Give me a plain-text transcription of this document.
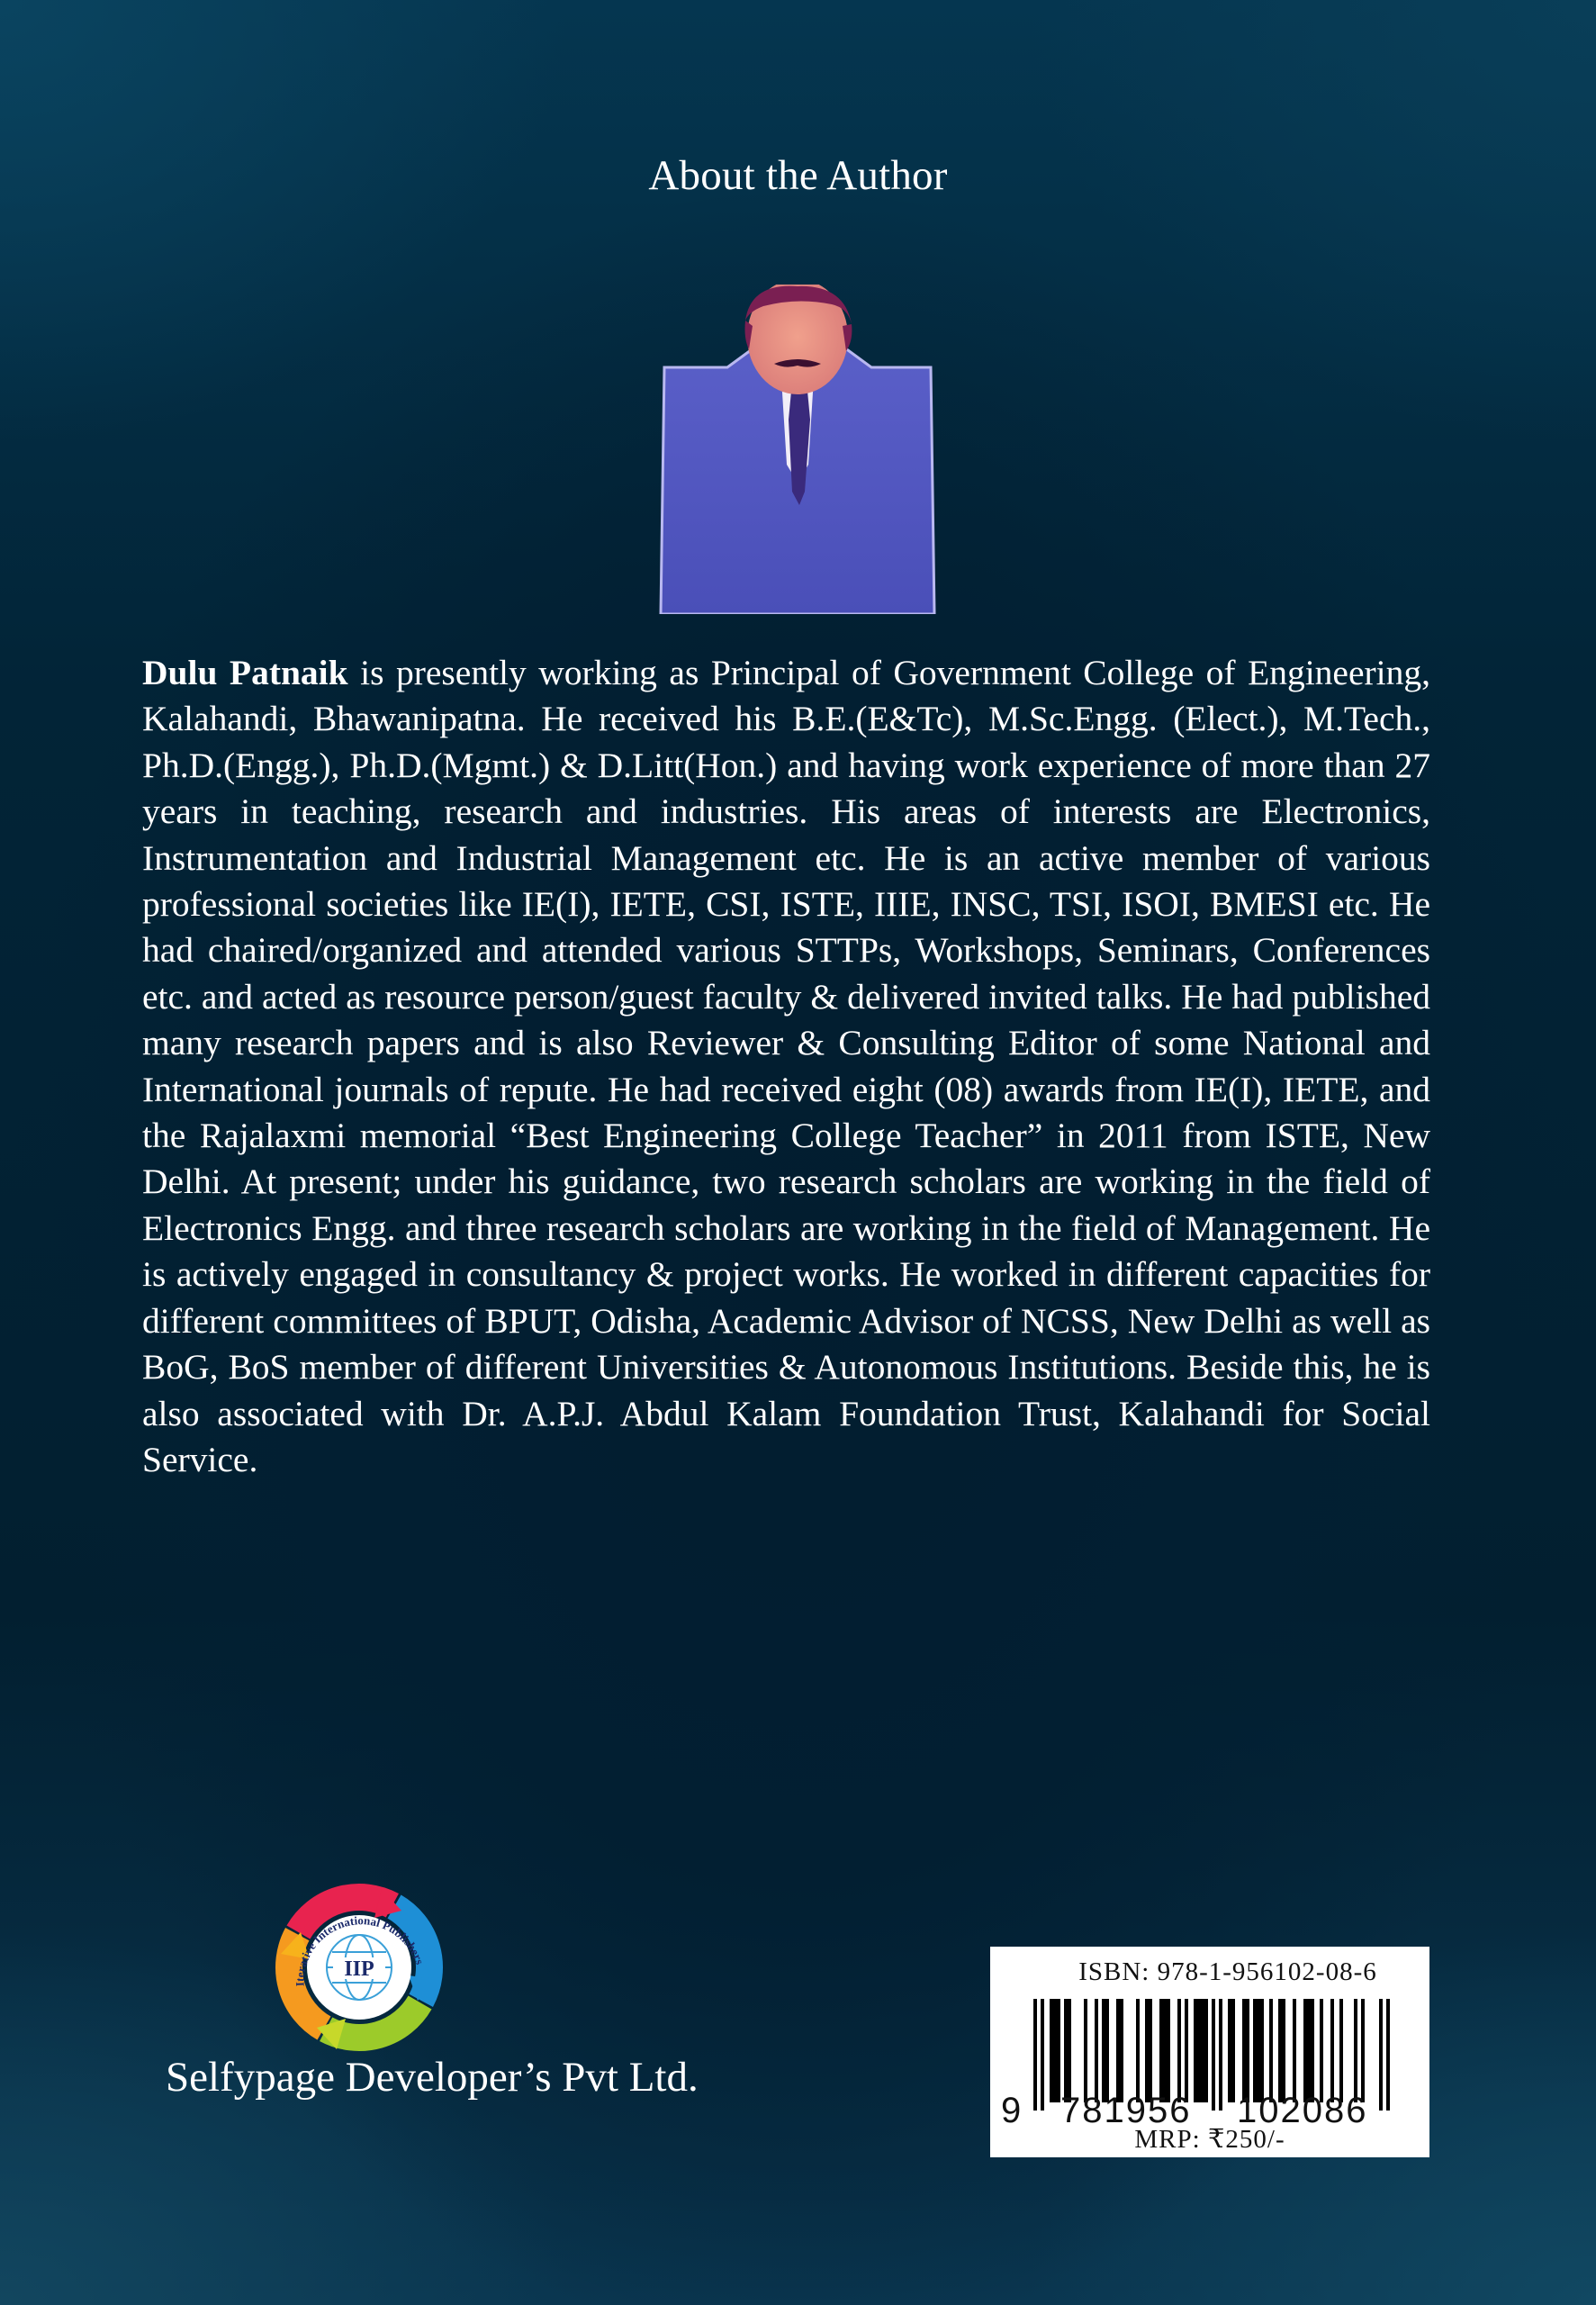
About the Author
Dulu Patnaik is presently working as Principal of Government College of Engineering, Kalahandi, Bhawanipatna. He received his B.E.(E&Tc), M.Sc.Engg. (Elect.), M.Tech., Ph.D.(Engg.), Ph.D.(Mgmt.) & D.Litt(Hon.) and having work experience of more than 27 years in teaching, research and industries. His areas of interests are Electronics, Instrumentation and Industrial Management etc. He is an active member of various professional societies like IE(I), IETE, CSI, ISTE, IIIE, INSC, TSI, ISOI, BMESI etc. He had chaired/organized and attended various STTPs, Workshops, Seminars, Conferences etc. and acted as resource person/guest faculty & delivered invited talks. He had published many research papers and is also Reviewer & Consulting Editor of some National and International journals of repute. He had received eight (08) awards from IE(I), IETE, and the Rajalaxmi memorial “Best Engineering College Teacher” in 2011 from ISTE, New Delhi. At present; under his guidance, two research scholars are working in the field of Electronics Engg. and three research scholars are working in the field of Management. He is actively engaged in consultancy & project works. He worked in different capacities for different committees of BPUT, Odisha, Academic Advisor of NCSS, New Delhi as well as BoG, BoS member of different Universities & Autonomous Institutions. Beside this, he is also associated with Dr. A.P.J. Abdul Kalam Foundation Trust, Kalahandi for Social Service.
IIP
Iterative International Publishers
Selfypage Developer’s Pvt Ltd.
ISBN: 978-1-956102-08-6
9 781956 102086
MRP: ₹250/-
